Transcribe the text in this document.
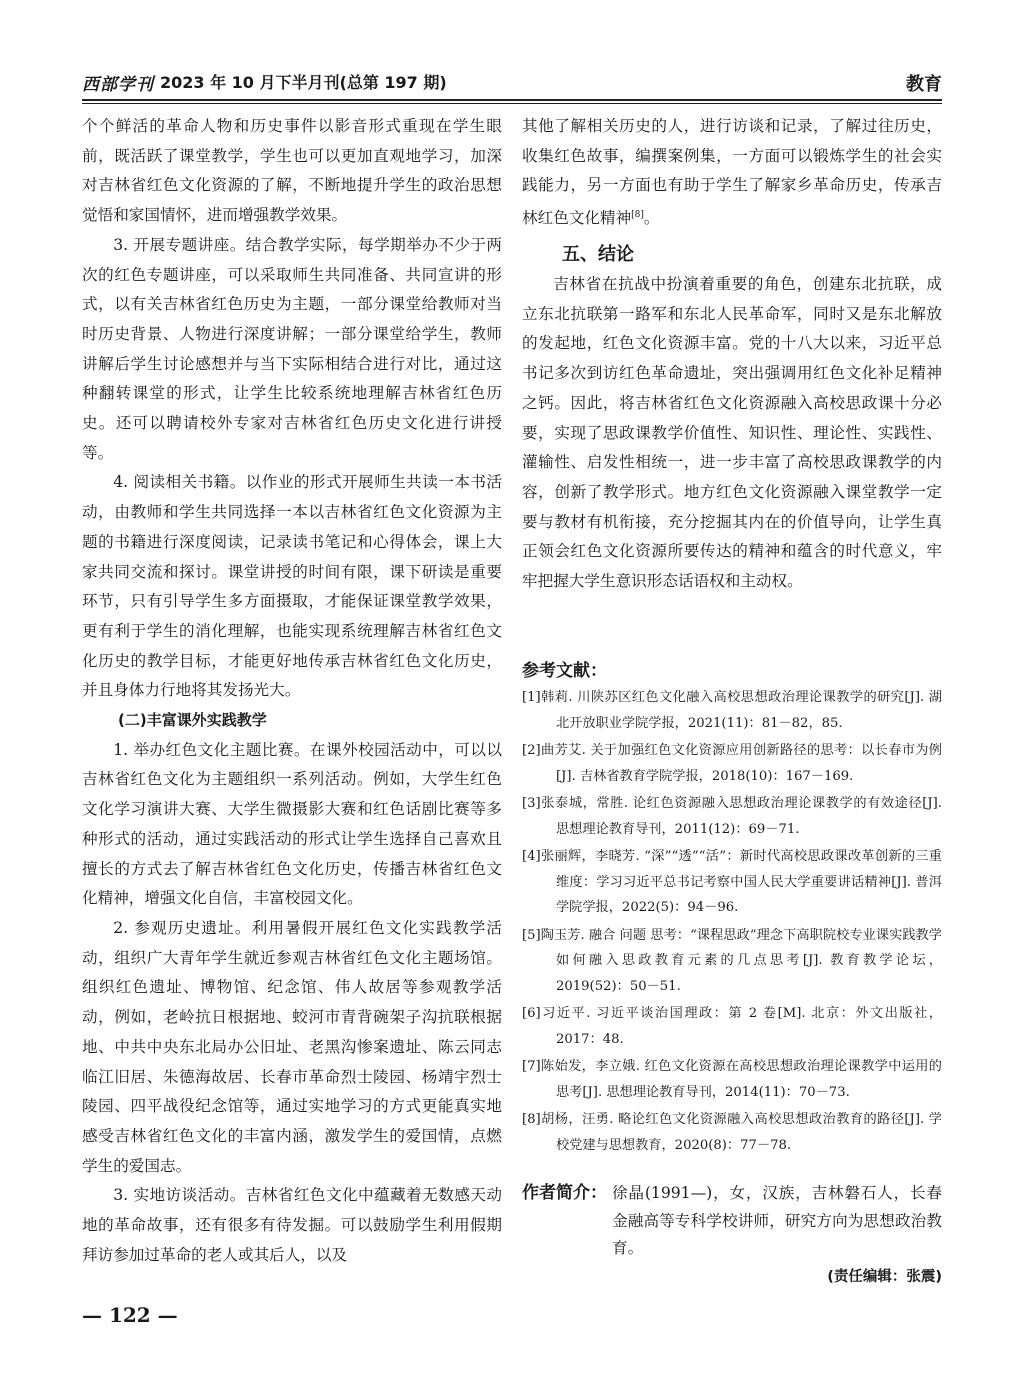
西部学刊 2023 年 10 月下半月刊(总第 197 期)	教育

个个鲜活的革命人物和历史事件以影音形式重现在学生眼前，既活跃了课堂教学，学生也可以更加直观地学习，加深对吉林省红色文化资源的了解，不断地提升学生的政治思想觉悟和家国情怀，进而增强教学效果。

3. 开展专题讲座。结合教学实际，每学期举办不少于两次的红色专题讲座，可以采取师生共同准备、共同宣讲的形式，以有关吉林省红色历史为主题，一部分课堂给教师对当时历史背景、人物进行深度讲解；一部分课堂给学生，教师讲解后学生讨论感想并与当下实际相结合进行对比，通过这种翻转课堂的形式，让学生比较系统地理解吉林省红色历史。还可以聘请校外专家对吉林省红色历史文化进行讲授等。

4. 阅读相关书籍。以作业的形式开展师生共读一本书活动，由教师和学生共同选择一本以吉林省红色文化资源为主题的书籍进行深度阅读，记录读书笔记和心得体会，课上大家共同交流和探讨。课堂讲授的时间有限，课下研读是重要环节，只有引导学生多方面摄取，才能保证课堂教学效果，更有利于学生的消化理解，也能实现系统理解吉林省红色文化历史的教学目标，才能更好地传承吉林省红色文化历史，并且身体力行地将其发扬光大。

(二)丰富课外实践教学

1. 举办红色文化主题比赛。在课外校园活动中，可以以吉林省红色文化为主题组织一系列活动。例如，大学生红色文化学习演讲大赛、大学生微摄影大赛和红色话剧比赛等多种形式的活动，通过实践活动的形式让学生选择自己喜欢且擅长的方式去了解吉林省红色文化历史，传播吉林省红色文化精神，增强文化自信，丰富校园文化。

2. 参观历史遗址。利用暑假开展红色文化实践教学活动，组织广大青年学生就近参观吉林省红色文化主题场馆。组织红色遗址、博物馆、纪念馆、伟人故居等参观教学活动，例如，老岭抗日根据地、蛟河市青背碗架子沟抗联根据地、中共中央东北局办公旧址、老黑沟惨案遗址、陈云同志临江旧居、朱德海故居、长春市革命烈士陵园、杨靖宇烈士陵园、四平战役纪念馆等，通过实地学习的方式更能真实地感受吉林省红色文化的丰富内涵，激发学生的爱国情，点燃学生的爱国志。

3. 实地访谈活动。吉林省红色文化中蕴藏着无数感天动地的革命故事，还有很多有待发掘。可以鼓励学生利用假期拜访参加过革命的老人或其后人，以及

其他了解相关历史的人，进行访谈和记录，了解过往历史，收集红色故事，编撰案例集，一方面可以锻炼学生的社会实践能力，另一方面也有助于学生了解家乡革命历史，传承吉林红色文化精神[8]。

五、结论

吉林省在抗战中扮演着重要的角色，创建东北抗联，成立东北抗联第一路军和东北人民革命军，同时又是东北解放的发起地，红色文化资源丰富。党的十八大以来，习近平总书记多次到访红色革命遗址，突出强调用红色文化补足精神之钙。因此，将吉林省红色文化资源融入高校思政课十分必要，实现了思政课教学价值性、知识性、理论性、实践性、灌输性、启发性相统一，进一步丰富了高校思政课教学的内容，创新了教学形式。地方红色文化资源融入课堂教学一定要与教材有机衔接，充分挖掘其内在的价值导向，让学生真正领会红色文化资源所要传达的精神和蕴含的时代意义，牢牢把握大学生意识形态话语权和主动权。

参考文献：

[1]韩莉. 川陕苏区红色文化融入高校思想政治理论课教学的研究[J]. 湖北开放职业学院学报，2021(11)：81－82，85.

[2]曲芳艾. 关于加强红色文化资源应用创新路径的思考：以长春市为例[J]. 吉林省教育学院学报，2018(10)：167－169.

[3]张泰城，常胜. 论红色资源融入思想政治理论课教学的有效途径[J]. 思想理论教育导刊，2011(12)：69－71.

[4]张丽辉，李晓芳. “深”“透”“活”：新时代高校思政课改革创新的三重维度：学习习近平总书记考察中国人民大学重要讲话精神[J]. 普洱学院学报，2022(5)：94－96.

[5]陶玉芳. 融合 问题 思考：“课程思政”理念下高职院校专业课实践教学如何融入思政教育元素的几点思考[J]. 教育教学论坛，2019(52)：50－51.

[6]习近平. 习近平谈治国理政：第 2 卷[M]. 北京：外文出版社，2017：48.

[7]陈始发，李立娥. 红色文化资源在高校思想政治理论课教学中运用的思考[J]. 思想理论教育导刊，2014(11)：70－73.

[8]胡杨，汪勇. 略论红色文化资源融入高校思想政治教育的路径[J]. 学校党建与思想教育，2020(8)：77－78.

作者简介： 徐晶(1991—)，女，汉族，吉林磐石人，长春金融高等专科学校讲师，研究方向为思想政治教育。
(责任编辑：张震)
— 122 —
